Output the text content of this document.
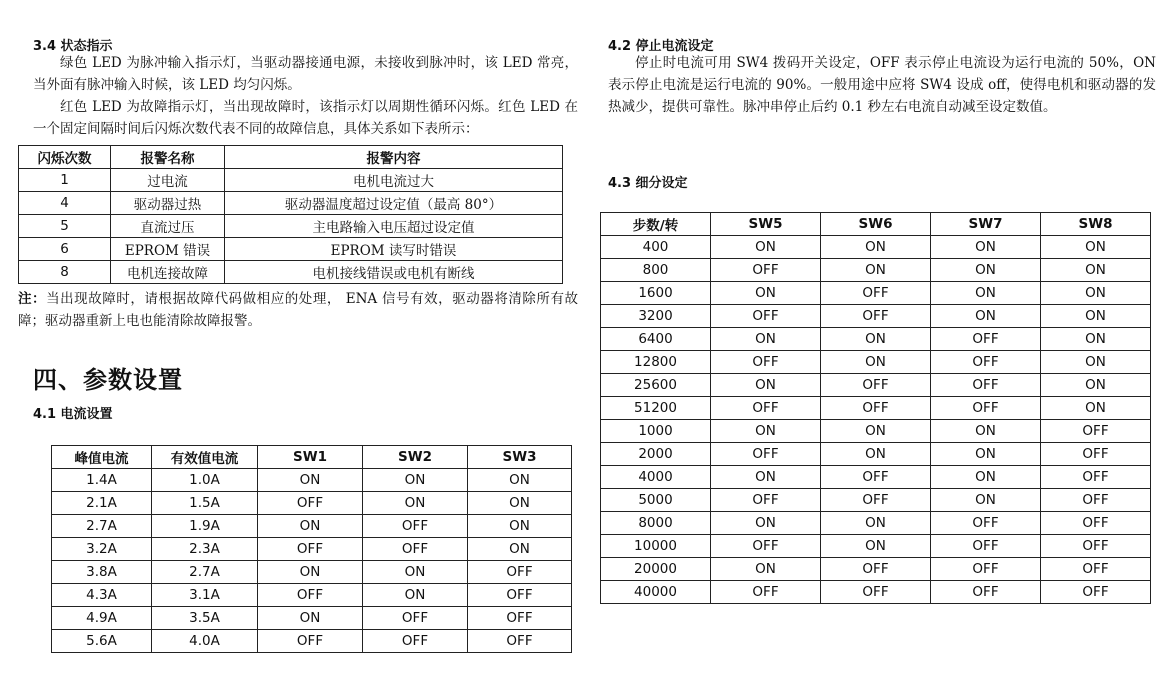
3.4 状态指示
绿色 LED 为脉冲输入指示灯，当驱动器接通电源，未接收到脉冲时，该 LED 常亮，当外面有脉冲输入时候，该 LED 均匀闪烁。
红色 LED 为故障指示灯，当出现故障时，该指示灯以周期性循环闪烁。红色 LED 在 一个固定间隔时间后闪烁次数代表不同的故障信息，具体关系如下表所示：
闪烁次数	报警名称	报警内容
1	过电流	电机电流过大
4	驱动器过热	驱动器温度超过设定值（最高 80°）
5	直流过压	主电路输入电压超过设定值
6	EPROM 错误	EPROM 读写时错误
8	电机连接故障	电机接线错误或电机有断线
注：当出现故障时，请根据故障代码做相应的处理， ENA 信号有效，驱动器将清除所有故障；驱动器重新上电也能清除故障报警。
四、参数设置
4.1 电流设置
峰值电流	有效值电流	SW1	SW2	SW3
1.4A	1.0A	ON	ON	ON
2.1A	1.5A	OFF	ON	ON
2.7A	1.9A	ON	OFF	ON
3.2A	2.3A	OFF	OFF	ON
3.8A	2.7A	ON	ON	OFF
4.3A	3.1A	OFF	ON	OFF
4.9A	3.5A	ON	OFF	OFF
5.6A	4.0A	OFF	OFF	OFF
4.2 停止电流设定
停止时电流可用 SW4 拨码开关设定，OFF 表示停止电流设为运行电流的 50%，ON 表示停止电流是运行电流的 90%。一般用途中应将 SW4 设成 off，使得电机和驱动器的发热减少，提供可靠性。脉冲串停止后约 0.1 秒左右电流自动减至设定数值。
4.3 细分设定
步数/转	SW5	SW6	SW7	SW8
400	ON	ON	ON	ON
800	OFF	ON	ON	ON
1600	ON	OFF	ON	ON
3200	OFF	OFF	ON	ON
6400	ON	ON	OFF	ON
12800	OFF	ON	OFF	ON
25600	ON	OFF	OFF	ON
51200	OFF	OFF	OFF	ON
1000	ON	ON	ON	OFF
2000	OFF	ON	ON	OFF
4000	ON	OFF	ON	OFF
5000	OFF	OFF	ON	OFF
8000	ON	ON	OFF	OFF
10000	OFF	ON	OFF	OFF
20000	ON	OFF	OFF	OFF
40000	OFF	OFF	OFF	OFF
